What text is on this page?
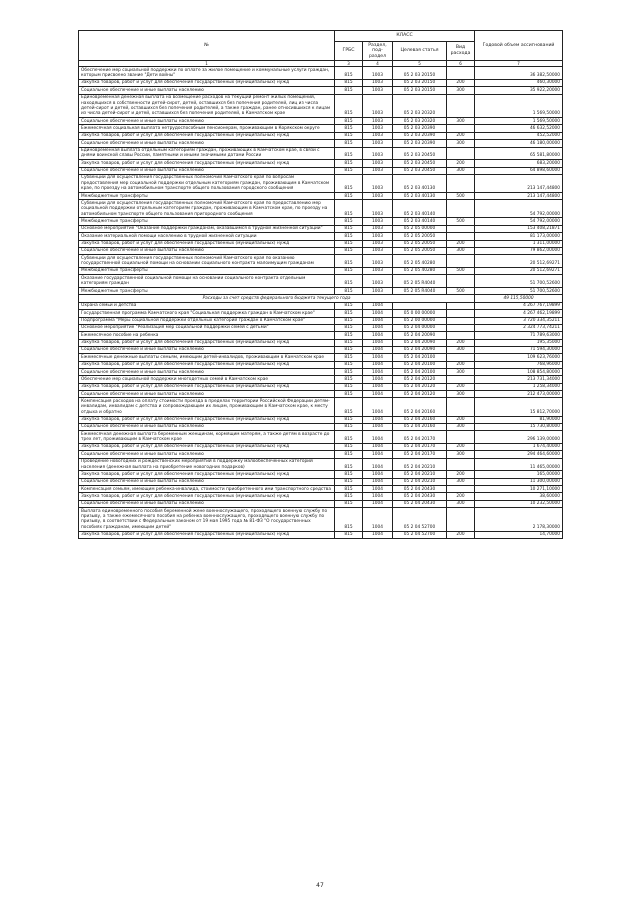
№	КЛАСС				Годовой объем ассигнований
	ГРБС	Раздел, под-раздел	Целевая статья	Вид расхода	
1	3	4	5	6	7
Обеспечение мер социальной поддержки по оплате за жилое помещение и коммунальные услуги граждан, которым присвоено звание "Дети войны"	815	1003	05 2 03 20150		36 382,50000
Закупка товаров, работ и услуг для обеспечения государственных (муниципальных) нужд	815	1003	05 2 03 20150	200	460,30000
Социальное обеспечение и иные выплаты населению	815	1003	05 2 03 20150	300	35 922,20000
Единовременная денежная выплата на возмещение расходов на текущий ремонт жилых помещений, находящихся в собственности детей-сирот, детей, оставшихся без попечения родителей, лиц из числа детей-сирот и детей, оставшихся без попечения родителей, а также граждан, ранее относившихся к лицам из числа детей-сирот и детей, оставшихся без попечения родителей, в Камчатском крае	815	1003	05 2 03 20320		1 569,50000
Социальное обеспечение и иные выплаты населению	815	1003	05 2 03 20320	300	1 569,50000
Ежемесячная социальная выплата нетрудоспособным пенсионерам, проживающим в Корякском округе	815	1003	05 2 03 20390		46 632,52000
Закупка товаров, работ и услуг для обеспечения государственных (муниципальных) нужд	815	1003	05 2 03 20390	200	452,52000
Социальное обеспечение и иные выплаты населению	815	1003	05 2 03 20390	300	46 180,00000
Единовременная выплата отдельным категориям граждан, проживающих в Камчатском крае, в связи с днями воинской славы России, памятными и иными значимыми датами России	815	1003	05 2 03 20450		65 581,80000
Закупка товаров, работ и услуг для обеспечения государственных (муниципальных) нужд	815	1003	05 2 03 20450	200	683,20000
Социальное обеспечение и иные выплаты населению	815	1003	05 2 03 20450	300	64 898,60000
Субвенции для осуществления государственных полномочий Камчатского края по вопросам предоставления мер социальной поддержки отдельным категориям граждан, проживающим в Камчатском крае, по проезду на автомобильном транспорте общего пользования городского сообщения	815	1003	05 2 03 40130		213 147,44800
Межбюджетные трансферты	815	1003	05 2 03 40130	500	213 147,44800
Субвенции для осуществления государственных полномочий Камчатского края по предоставлению мер социальной поддержки отдельным категориям граждан, проживающим в Камчатском крае, по проезду на автомобильном транспорте общего пользования пригородного сообщения	815	1003	05 2 03 40140		54 792,00000
Межбюджетные трансферты	815	1003	05 2 03 40140	500	54 792,00000
Основное мероприятие "Оказание поддержки гражданам, оказавшимся в трудной жизненной ситуации"	815	1003	05 2 05 00000		153 408,21871
Оказание материальной помощи населению в трудной жизненной ситуации	815	1003	05 2 05 20050		81 173,00000
Закупка товаров, работ и услуг для обеспечения государственных (муниципальных) нужд	815	1003	05 2 05 20050	200	1 311,00000
Социальное обеспечение и иные выплаты населению	815	1003	05 2 05 20050	300	79 862,00000
Субвенции для осуществления государственных полномочий Камчатского края по оказанию государственной социальной помощи на основании социального контракта малоимущим гражданам	815	1003	05 2 05 40280		20 512,69271
Межбюджетные трансферты	815	1003	05 2 05 40280	500	20 512,69271
Оказание государственной социальной помощи на основании социального контракта отдельным категориям граждан	815	1003	05 2 05 R4040		51 700,52600
Межбюджетные трансферты	815	1003	05 2 05 R4040	500	51 700,52600
Расходы за счет средств федерального бюджета текущего года					49 115,50000
Охрана семьи и детства	815	1004			4 267 767,19899
Государственная программа Камчатского края "Социальная поддержка граждан в Камчатском крае"	815	1004	05 0 00 00000		4 267 462,19899
Подпрограмма "Меры социальной поддержки отдельных категорий граждан в Камчатском крае"	815	1004	05 2 00 00000		3 720 334,35211
Основное мероприятие "Реализация мер социальной поддержки семей с детьми"	815	1004	05 2 04 00000		2 324 773,74211
Ежемесячное пособие на ребенка	815	1004	05 2 04 20090		71 789,63000
Закупка товаров, работ и услуг для обеспечения государственных (муниципальных) нужд	815	1004	05 2 04 20090	200	195,35000
Социальное обеспечение и иные выплаты населению	815	1004	05 2 04 20090	300	71 594,30000
Ежемесячные денежные выплаты семьям, имеющим детей-инвалидов, проживающим в Камчатском крае	815	1004	05 2 04 20100		109 623,76000
Закупка товаров, работ и услуг для обеспечения государственных (муниципальных) нужд	815	1004	05 2 04 20100	200	768,96000
Социальное обеспечение и иные выплаты населению	815	1004	05 2 04 20100	300	108 854,80000
Обеспечение мер социальной поддержки многодетных семей в Камчатском крае	815	1004	05 2 04 20120		213 731,34000
Закупка товаров, работ и услуг для обеспечения государственных (муниципальных) нужд	815	1004	05 2 04 20120	200	1 258,34000
Социальное обеспечение и иные выплаты населению	815	1004	05 2 04 20120	300	212 473,00000
Компенсация расходов на оплату стоимости проезда в пределах территории Российской Федерации детям-инвалидам, инвалидам с детства и сопровождающим их лицам, проживающим в Камчатском крае, к месту отдыха и обратно	815	1004	05 2 04 20160		15 812,70000
Закупка товаров, работ и услуг для обеспечения государственных (муниципальных) нужд	815	1004	05 2 04 20160	200	81,90000
Социальное обеспечение и иные выплаты населению	815	1004	05 2 04 20160	300	15 730,80000
Ежемесячная денежная выплата беременным женщинам, кормящим матерям, а также детям в возрасте до трех лет, проживающим в Камчатском крае	815	1004	05 2 04 20170		296 139,00000
Закупка товаров, работ и услуг для обеспечения государственных (муниципальных) нужд	815	1004	05 2 04 20170	200	1 674,40000
Социальное обеспечение и иные выплаты населению	815	1004	05 2 04 20170	300	294 464,60000
Проведение новогодних и рождественских мероприятий в поддержку малообеспеченных категорий населения (денежная выплата на приобретение новогодних подарков)	815	1004	05 2 04 20210		11 465,00000
Закупка товаров, работ и услуг для обеспечения государственных (муниципальных) нужд	815	1004	05 2 04 20210	200	165,00000
Социальное обеспечение и иные выплаты населению	815	1004	05 2 04 20210	300	11 300,00000
Компенсация семьям, имеющим ребенка-инвалида, стоимости приобретенного ими транспортного средства	815	1004	05 2 04 20430		10 271,10000
Закупка товаров, работ и услуг для обеспечения государственных (муниципальных) нужд	815	1004	05 2 04 20430	200	38,60000
Социальное обеспечение и иные выплаты населению	815	1004	05 2 04 20430	300	10 232,50000
Выплата единовременного пособия беременной жене военнослужащего, проходящего военную службу по призыву, а также ежемесячного пособия на ребенка военнослужащего, проходящего военную службу по призыву, в соответствии с Федеральным законом от 19 мая 1995 года № 81-ФЗ "О государственных пособиях гражданам, имеющим детей"	815	1004	05 2 04 52700		2 178,30000
Закупка товаров, работ и услуг для обеспечения государственных (муниципальных) нужд	815	1004	05 2 04 52700	200	14,70000
47
